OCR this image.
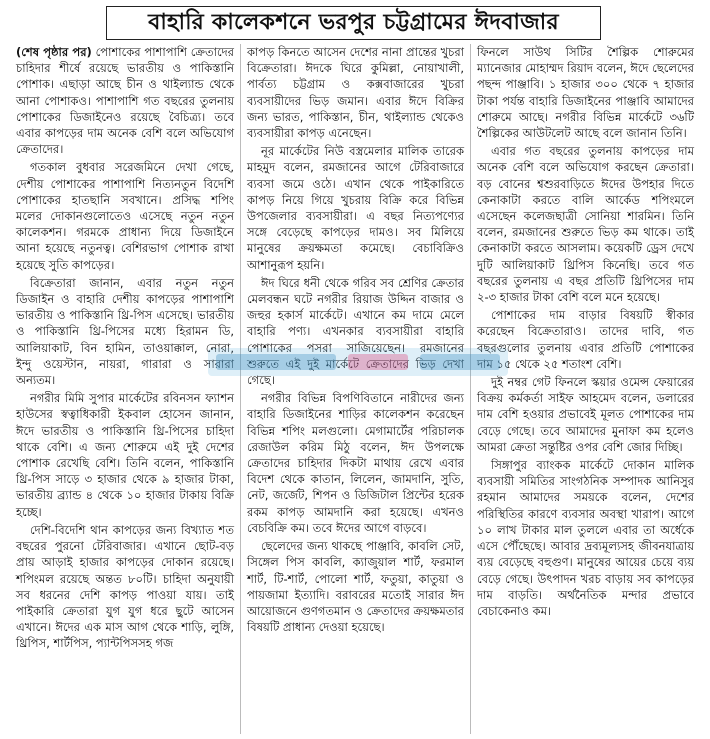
বাহারি কালেকশনে ভরপুর চট্টগ্রামের ঈদবাজার

(শেষ পৃষ্ঠার পর) পোশাকের পাশাপাশি ক্রেতাদের চাহিদার শীর্ষে রয়েছে ভারতীয় ও পাকিস্তানি পোশাক। এছাড়া আছে চীন ও থাইল্যান্ড থেকে আনা পোশাকও। পাশাপাশি গত বছরের তুলনায় পোশাকের ডিজাইনেও রয়েছে বৈচিত্র্য। তবে এবার কাপড়ের দাম অনেক বেশি বলে অভিযোগ ক্রেতাদের।

গতকাল বুধবার সরেজমিনে দেখা গেছে, দেশীয় পোশাকের পাশাপাশি নিত্যনতুন বিদেশি পোশাকের হাতছানি সবখানে। প্রসিদ্ধ শপিং মলের দোকানগুলোতেও এসেছে নতুন নতুন কালেকশন। গরমকে প্রাধান্য দিয়ে ডিজাইনে আনা হয়েছে নতুনত্ব। বেশিরভাগ পোশাক রাখা হয়েছে সুতি কাপড়ের।

বিক্রেতারা জানান, এবার নতুন নতুন ডিজাইন ও বাহারি দেশীয় কাপড়ের পাশাপাশি ভারতীয় ও পাকিস্তানি থ্রি-পিস এসেছে। ভারতীয় ও পাকিস্তানি থ্রি-পিসের মধ্যে হিরামন ডি, আলিয়াকাট, বিন হামিন, তাওয়াক্কাল, নোরা, ইন্দু ওয়েস্টান, নায়রা, গারারা ও সারারা অন্যতম।

নগরীর মিমি সুপার মার্কেটের রবিনসন ফ্যাশন হাউসের স্বত্বাধিকারী ইকবাল হোসেন জানান, ঈদে ভারতীয় ও পাকিস্তানি থ্রি-পিসের চাহিদা থাকে বেশি। এ জন্য শোরুমে এই দুই দেশের পোশাক রেখেছি বেশি। তিনি বলেন, পাকিস্তানি থ্রি-পিস সাড়ে ৩ হাজার থেকে ৯ হাজার টাকা, ভারতীয় ব্র্যান্ড ৪ থেকে ১০ হাজার টাকায় বিক্রি হচ্ছে।

দেশি-বিদেশি থান কাপড়ের জন্য বিখ্যাত শত বছরের পুরনো টেরিবাজার। এখানে ছোট-বড় প্রায় আড়াই হাজার কাপড়ের দোকান রয়েছে। শপিংমল রয়েছে অন্তত ৮০টি। চাহিদা অনুযায়ী সব ধরনের দেশি কাপড় পাওয়া যায়। তাই পাইকারি ক্রেতারা যুগ যুগ ধরে ছুটে আসেন এখানে। ঈদের এক মাস আগ থেকে শাড়ি, লুঙ্গি, থ্রিপিস, শার্টপিস, প্যান্টপিসসহ গজ

কাপড় কিনতে আসেন দেশের নানা প্রান্তের খুচরা বিক্রেতারা। ঈদকে ঘিরে কুমিল্লা, নোয়াখালী, পার্বত্য চট্টগ্রাম ও কক্সবাজারের খুচরা ব্যবসায়ীদের ভিড় জমান। এবার ঈদে বিক্রির জন্য ভারত, পাকিস্তান, চীন, থাইল্যান্ড থেকেও ব্যবসায়ীরা কাপড় এনেছেন।

নূর মার্কেটের নিউ বস্ত্রমেলার মালিক তারেক মাহমুদ বলেন, রমজানের আগে টেরিবাজারে ব্যবসা জমে ওঠে। এখান থেকে পাইকারিতে কাপড় নিয়ে গিয়ে খুচরায় বিক্রি করে বিভিন্ন উপজেলার ব্যবসায়ীরা। এ বছর নিত্যপণ্যের সঙ্গে বেড়েছে কাপড়ের দামও। সব মিলিয়ে মানুষের ক্রয়ক্ষমতা কমেছে। বেচাবিক্রিও আশানুরূপ হয়নি।

ঈদ ঘিরে ধনী থেকে গরিব সব শ্রেণির ক্রেতার মেলবন্ধন ঘটে নগরীর রিয়াজ উদ্দিন বাজার ও জহুর হকার্স মার্কেটে। এখানে কম দামে মেলে বাহারি পণ্য। এখনকার ব্যবসায়ীরা বাহারি পোশাকের পসরা সাজিয়েছেন। রমজানের শুরুতে এই দুই মার্কেটে ক্রেতাদের ভিড় দেখা গেছে।

নগরীর বিভিন্ন বিপণিবিতানে নারীদের জন্য বাহারি ডিজাইনের শাড়ির কালেকশন করেছেন বিভিন্ন শপিং মলগুলো। মেগামার্টের পরিচালক রেজাউল করিম মিঠু বলেন, ঈদ উপলক্ষে ক্রেতাদের চাহিদার দিকটা মাথায় রেখে এবার বিদেশ থেকে কাতান, লিলেন, জামদানি, সুতি, নেট, জর্জেট, শিপন ও ডিজিটাল প্রিন্টের হরেক রকম কাপড় আমদানি করা হয়েছে। এখনও বেচবিক্রি কম। তবে ঈদের আগে বাড়বে।

ছেলেদের জন্য থাকছে পাঞ্জাবি, কাবলি সেট, সিঙ্গেল পিস কাবলি, ক্যাজুয়াল শার্ট, ফরমাল শার্ট, টি-শার্ট, পোলো শার্ট, ফতুয়া, কাতুয়া ও পায়জামা ইত্যাদি। বরাবরের মতোই সারার ঈদ আয়োজনে গুণগতমান ও ক্রেতাদের ক্রয়ক্ষমতার বিষয়টি প্রাধান্য দেওয়া হয়েছে।

ফিনলে সাউথ সিটির শৈল্পিক শোরুমের ম্যানেজার মোহাম্মদ রিয়াদ বলেন, ঈদে ছেলেদের পছন্দ পাঞ্জাবি। ১ হাজার ৩০০ থেকে ৭ হাজার টাকা পর্যন্ত বাহারি ডিজাইনের পাঞ্জাবি আমাদের শোরুমে আছে। নগরীর বিভিন্ন মার্কেটে ৩৬টি শৈল্পিকের আউটলেট আছে বলে জানান তিনি।

এবার গত বছরের তুলনায় কাপড়ের দাম অনেক বেশি বলে অভিযোগ করছেন ক্রেতারা। বড় বোনের শ্বশুরবাড়িতে ঈদের উপহার দিতে কেনাকাটা করতে বালি আর্কেড শপিংমলে এসেছেন কলেজছাত্রী সোনিয়া শারমিন। তিনি বলেন, রমজানের শুরুতে ভিড় কম থাকে। তাই কেনাকাটা করতে আসলাম। কয়েকটি ড্রেস দেখে দুটি আলিয়াকাট থ্রিপিস কিনেছি। তবে গত বছরের তুলনায় এ বছর প্রতিটি থ্রিপিসের দাম ২-৩ হাজার টাকা বেশি বলে মনে হয়েছে।

পোশাকের দাম বাড়ার বিষয়টি স্বীকার করেছেন বিক্রেতারাও। তাদের দাবি, গত বছরগুলোর তুলনায় এবার প্রতিটি পোশাকের দাম ১৫ থেকে ২৫ শতাংশ বেশি।

দুই নম্বর গেট ফিনলে স্কয়ার ওমেন্স ফেয়ারের বিক্রয় কর্মকর্তা সাইফ আহমেদ বলেন, ডলারের দাম বেশি হওয়ার প্রভাবেই মূলত পোশাকের দাম বেড়ে গেছে। তবে আমাদের মুনাফা কম হলেও আমরা ক্রেতা সন্তুষ্টির ওপর বেশি জোর দিচ্ছি।

সিঙ্গাপুর ব্যাংকক মার্কেটে দোকান মালিক ব্যবসায়ী সমিতির সাংগঠনিক সম্পাদক আনিসুর রহমান আমাদের সময়কে বলেন, দেশের পরিস্থিতির কারণে ব্যবসার অবস্থা খারাপ। আগে ১০ লাখ টাকার মাল তুললে এবার তা অর্ধেকে এসে পৌঁছেছে। আবার দ্রব্যমূল্যসহ জীবনযাত্রায় ব্যয় বেড়েছে বহুগুণ। মানুষের আয়ের চেয়ে ব্যয় বেড়ে গেছে। উৎপাদন খরচ বাড়ায় সব কাপড়ের দাম বাড়তি। অর্থনৈতিক মন্দার প্রভাবে বেচাকেনাও কম।
